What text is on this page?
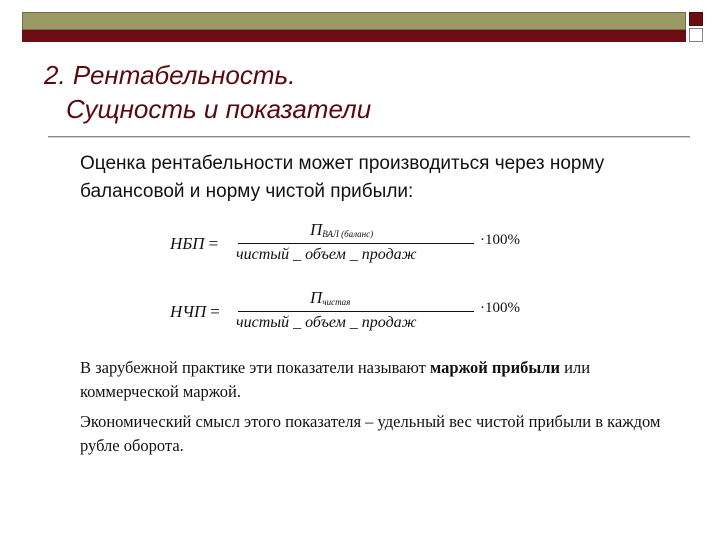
2. Рентабельность.
Сущность и показатели
Оценка рентабельности может производиться через норму балансовой и норму чистой прибыли:
НБП =
$П_{ВАЛ (баланс)}$
чистый _ объем _ продаж
·100%
НЧП =
$П_{чистая}$
чистый _ объем _ продаж
·100%
В зарубежной практике эти показатели называют маржой прибыли или коммерческой маржой.
Экономический смысл этого показателя – удельный вес чистой прибыли в каждом рубле оборота.
